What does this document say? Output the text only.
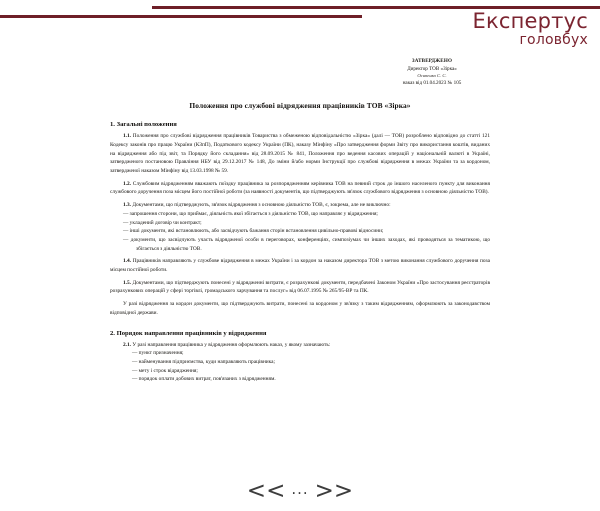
Експертус
головбух
ЗАТВЕРДЖЕНО
Директор ТОВ «Зірка»
Осипенко С. С.
наказ від 01.04.2023 № 105
Положення про службові відрядження працівників ТОВ «Зірка»
1. Загальні положення

1.1. Положення про службові відрядження працівників Товариства з обмеженою відповідальністю «Зірка» (далі — ТОВ) розроблено відповідно до статті 121 Кодексу законів про працю України (КЗпП), Податкового кодексу України (ПК), наказу Мінфіну «Про затвердження форми Звіту про використання коштів, виданих на відрядження або під звіт, та Порядку його складання» від 28.09.2015 № 841, Положення про ведення касових операцій у національній валюті в Україні, затвердженого постановою Правління НБУ від 29.12.2017 № 148, До зміни й/або норми Інструкції про службові відрядження в межах України та за кордоном, затвердженої наказом Мінфіну від 13.03.1998 № 59.

1.2. Службовим відрядженням вважають поїздку працівника за розпорядженням керівника ТОВ на певний строк до іншого населеного пункту для виконання службового доручення поза місцем його постійної роботи (за наявності документів, що підтверджують зв'язок службового відрядження з основною діяльністю ТОВ).

1.3. Документами, що підтверджують, зв'язок відрядження з основною діяльністю ТОВ, є, зокрема, але не виключно:

— запрошення сторони, що приймає, діяльність якої збігається з діяльністю ТОВ, що направляє у відрядження;
— укладений договір чи контракт;
— інші документи, які встановлюють, або засвідчують бажання сторін встановлення цивільно-правові відносини;
— документи, що засвідчують участь відрядженої особи в переговорах, конференціях, симпозіумах чи інших заходах, які проводяться за тематикою, що збігається з діяльністю ТОВ.

1.4. Працівників направляють у службове відрядження в межах України і за кордон за наказом директора ТОВ з метою виконання службового доручення поза місцем постійної роботи.

1.5. Документами, що підтверджують понесені у відрядженні витрати, є розрахункові документи, передбачені Законом України «Про застосування реєстраторів розрахункових операцій у сфері торгівлі, громадського харчування та послуг» від 06.07.1995 № 265/95-ВР та ПК.

У разі відрядження за кордон документи, що підтверджують витрати, понесені за кордоном у зв'язку з таким відрядженням, оформлюють за законодавством відповідної держави.

2. Порядок направлення працівників у відрядження

2.1. У разі направлення працівника у відрядження оформлюють наказ, у якому зазначають:

— пункт призначення;
— найменування підприємства, куди направляють працівника;
— мету і строк відрядження;
— порядок оплати добових витрат, пов'язаних з відрядженням.
<< ... >>
